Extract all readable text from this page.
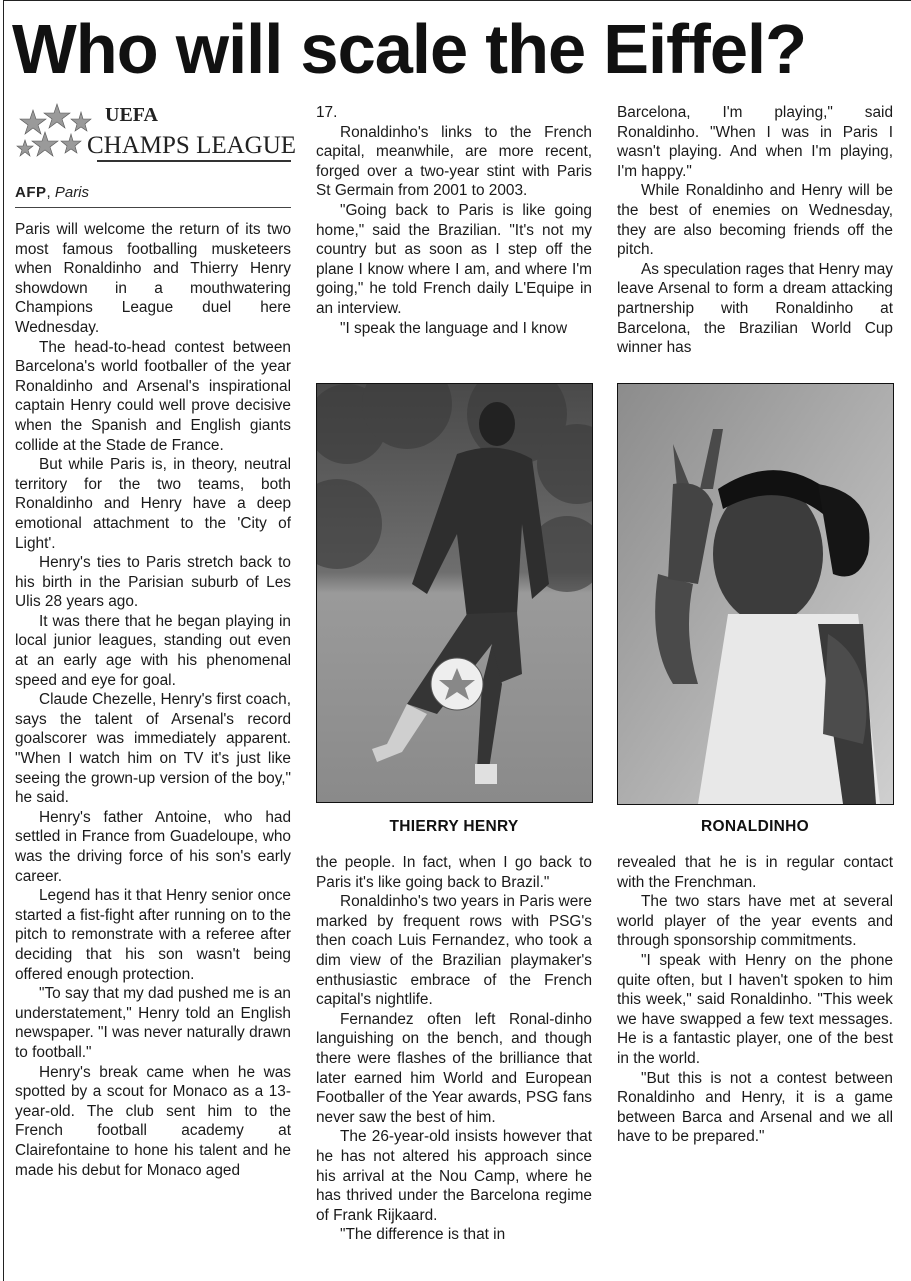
Who will scale the Eiffel?
UEFA
CHAMPS LEAGUE
AFP, Paris

Paris will welcome the return of its two most famous footballing musketeers when Ronaldinho and Thierry Henry showdown in a mouthwatering Champions League duel here Wednesday.

The head-to-head contest between Barcelona's world footballer of the year Ronaldinho and Arsenal's inspirational captain Henry could well prove decisive when the Spanish and English giants collide at the Stade de France.

But while Paris is, in theory, neutral territory for the two teams, both Ronaldinho and Henry have a deep emotional attachment to the 'City of Light'.

Henry's ties to Paris stretch back to his birth in the Parisian suburb of Les Ulis 28 years ago.

It was there that he began playing in local junior leagues, standing out even at an early age with his phenomenal speed and eye for goal.

Claude Chezelle, Henry's first coach, says the talent of Arsenal's record goalscorer was immediately apparent. "When I watch him on TV it's just like seeing the grown-up version of the boy," he said.

Henry's father Antoine, who had settled in France from Guadeloupe, who was the driving force of his son's early career.

Legend has it that Henry senior once started a fist-fight after running on to the pitch to remonstrate with a referee after deciding that his son wasn't being offered enough protection.

"To say that my dad pushed me is an understatement," Henry told an English newspaper. "I was never naturally drawn to football."

Henry's break came when he was spotted by a scout for Monaco as a 13-year-old. The club sent him to the French football academy at Clairefontaine to hone his talent and he made his debut for Monaco aged

17.

Ronaldinho's links to the French capital, meanwhile, are more recent, forged over a two-year stint with Paris St Germain from 2001 to 2003.

"Going back to Paris is like going home," said the Brazilian. "It's not my country but as soon as I step off the plane I know where I am, and where I'm going," he told French daily L'Equipe in an interview.

"I speak the language and I know

Barcelona, I'm playing," said Ronaldinho. "When I was in Paris I wasn't playing. And when I'm playing, I'm happy."

While Ronaldinho and Henry will be the best of enemies on Wednesday, they are also becoming friends off the pitch.

As speculation rages that Henry may leave Arsenal to form a dream attacking partnership with Ronaldinho at Barcelona, the Brazilian World Cup winner has

THIERRY HENRY	RONALDINHO

the people. In fact, when I go back to Paris it's like going back to Brazil."

Ronaldinho's two years in Paris were marked by frequent rows with PSG's then coach Luis Fernandez, who took a dim view of the Brazilian playmaker's enthusiastic embrace of the French capital's nightlife.

Fernandez often left Ronal-dinho languishing on the bench, and though there were flashes of the brilliance that later earned him World and European Footballer of the Year awards, PSG fans never saw the best of him.

The 26-year-old insists however that he has not altered his approach since his arrival at the Nou Camp, where he has thrived under the Barcelona regime of Frank Rijkaard.

"The difference is that in

revealed that he is in regular contact with the Frenchman.

The two stars have met at several world player of the year events and through sponsorship commitments.

"I speak with Henry on the phone quite often, but I haven't spoken to him this week," said Ronaldinho. "This week we have swapped a few text messages. He is a fantastic player, one of the best in the world.

"But this is not a contest between Ronaldinho and Henry, it is a game between Barca and Arsenal and we all have to be prepared."
